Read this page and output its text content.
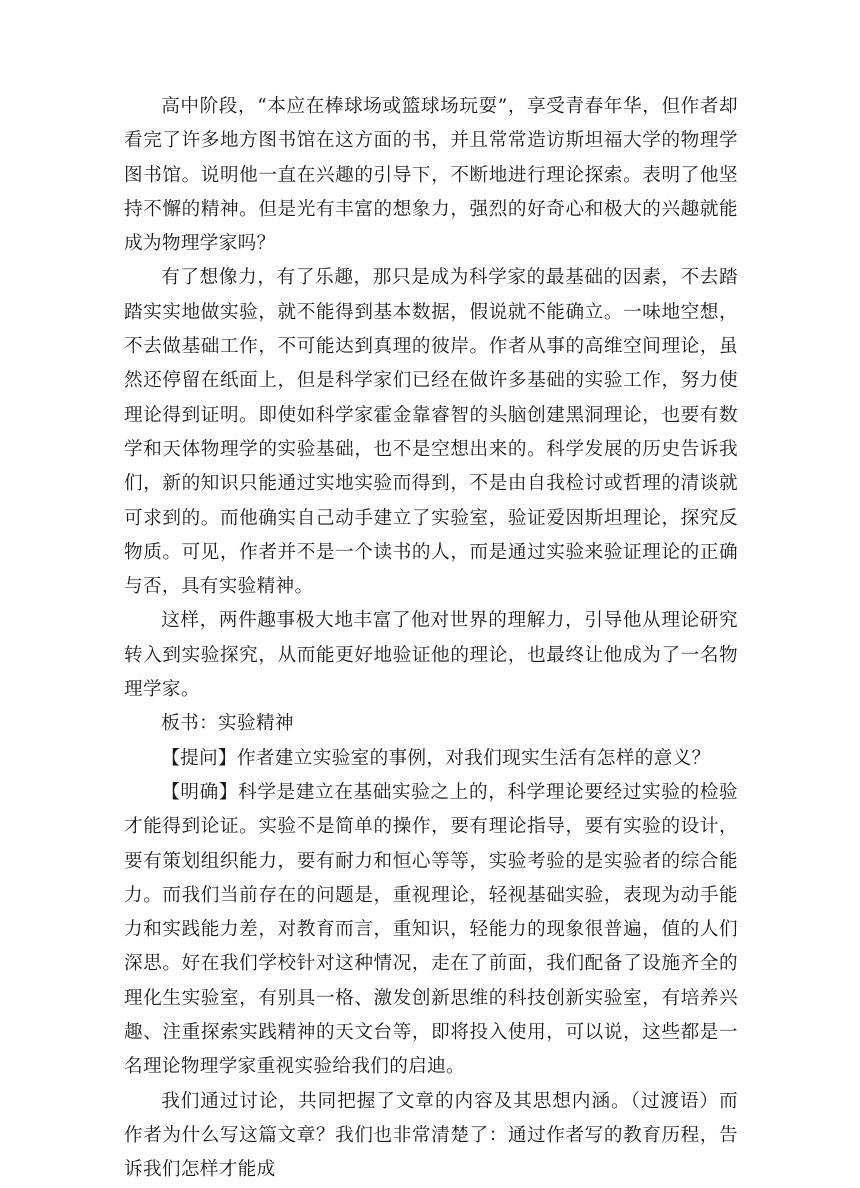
高中阶段，“本应在棒球场或篮球场玩耍”，享受青春年华，但作者却看完了许多地方图书馆在这方面的书，并且常常造访斯坦福大学的物理学图书馆。说明他一直在兴趣的引导下，不断地进行理论探索。表明了他坚持不懈的精神。但是光有丰富的想象力，强烈的好奇心和极大的兴趣就能成为物理学家吗？

有了想像力，有了乐趣，那只是成为科学家的最基础的因素，不去踏踏实实地做实验，就不能得到基本数据，假说就不能确立。一味地空想，不去做基础工作，不可能达到真理的彼岸。作者从事的高维空间理论，虽然还停留在纸面上，但是科学家们已经在做许多基础的实验工作，努力使理论得到证明。即使如科学家霍金靠睿智的头脑创建黑洞理论，也要有数学和天体物理学的实验基础，也不是空想出来的。科学发展的历史告诉我们，新的知识只能通过实地实验而得到，不是由自我检讨或哲理的清谈就可求到的。而他确实自己动手建立了实验室，验证爱因斯坦理论，探究反物质。可见，作者并不是一个读书的人，而是通过实验来验证理论的正确与否，具有实验精神。

这样，两件趣事极大地丰富了他对世界的理解力，引导他从理论研究转入到实验探究，从而能更好地验证他的理论，也最终让他成为了一名物理学家。

板书：实验精神

【提问】作者建立实验室的事例，对我们现实生活有怎样的意义？

【明确】科学是建立在基础实验之上的，科学理论要经过实验的检验才能得到论证。实验不是简单的操作，要有理论指导，要有实验的设计，要有策划组织能力，要有耐力和恒心等等，实验考验的是实验者的综合能力。而我们当前存在的问题是，重视理论，轻视基础实验，表现为动手能力和实践能力差，对教育而言，重知识，轻能力的现象很普遍，值的人们深思。好在我们学校针对这种情况，走在了前面，我们配备了设施齐全的理化生实验室，有别具一格、激发创新思维的科技创新实验室，有培养兴趣、注重探索实践精神的天文台等，即将投入使用，可以说，这些都是一名理论物理学家重视实验给我们的启迪。

我们通过讨论，共同把握了文章的内容及其思想内涵。（过渡语）而作者为什么写这篇文章？我们也非常清楚了：通过作者写的教育历程，告诉我们怎样才能成
